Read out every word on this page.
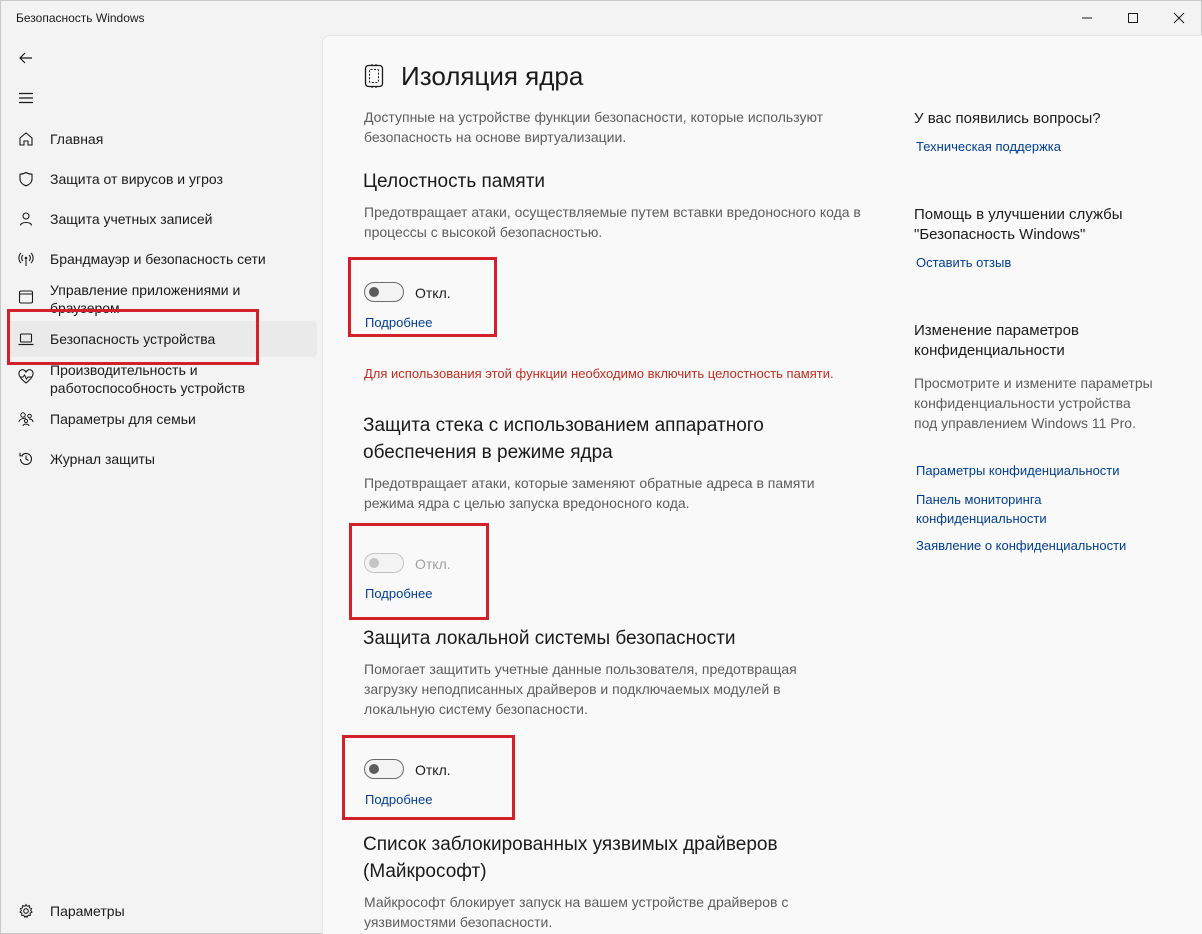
Безопасность Windows
Главная
Защита от вирусов и угроз
Защита учетных записей
Брандмауэр и безопасность сети
Управление приложениями и браузером
Безопасность устройства
Производительность и работоспособность устройств
Параметры для семьи
Журнал защиты
Параметры
Изоляция ядра
Доступные на устройстве функции безопасности, которые используют безопасность на основе виртуализации.
Целостность памяти
Предотвращает атаки, осуществляемые путем вставки вредоносного кода в процессы с высокой безопасностью.
Откл.
Подробнее
Для использования этой функции необходимо включить целостность памяти.
Защита стека с использованием аппаратного обеспечения в режиме ядра
Предотвращает атаки, которые заменяют обратные адреса в памяти режима ядра с целью запуска вредоносного кода.
Откл.
Подробнее
Защита локальной системы безопасности
Помогает защитить учетные данные пользователя, предотвращая загрузку неподписанных драйверов и подключаемых модулей в локальную систему безопасности.
Откл.
Подробнее
Список заблокированных уязвимых драйверов (Майкрософт)
Майкрософт блокирует запуск на вашем устройстве драйверов с уязвимостями безопасности.
У вас появились вопросы?
Техническая поддержка
Помощь в улучшении службы "Безопасность Windows"
Оставить отзыв
Изменение параметров конфиденциальности
Просмотрите и измените параметры конфиденциальности устройства под управлением Windows 11 Pro.
Параметры конфиденциальности
Панель мониторинга конфиденциальности
Заявление о конфиденциальности
